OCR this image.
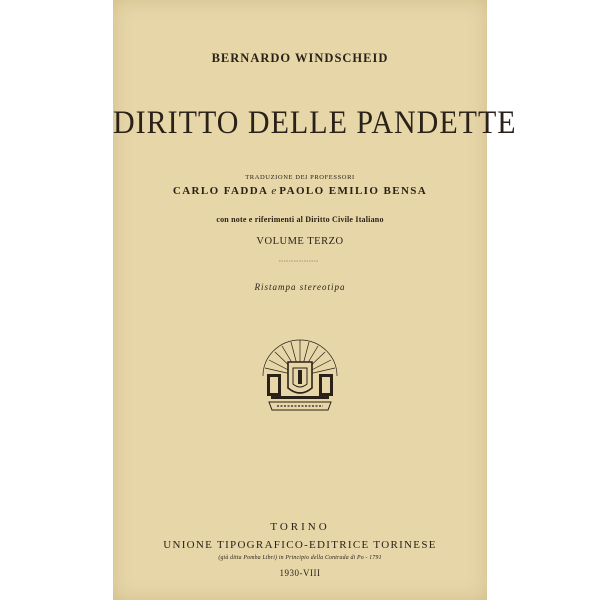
BERNARDO WINDSCHEID
DIRITTO DELLE PANDETTE
TRADUZIONE DEI PROFESSORI
CARLO FADDA e PAOLO EMILIO BENSA
con note e riferimenti al Diritto Civile Italiano
VOLUME TERZO
Ristampa stereotipa
TORINO
UNIONE TIPOGRAFICO-EDITRICE TORINESE
(già ditta Pomba Libri) in Principio della Contrada di Po - 1791
1930-VIII
